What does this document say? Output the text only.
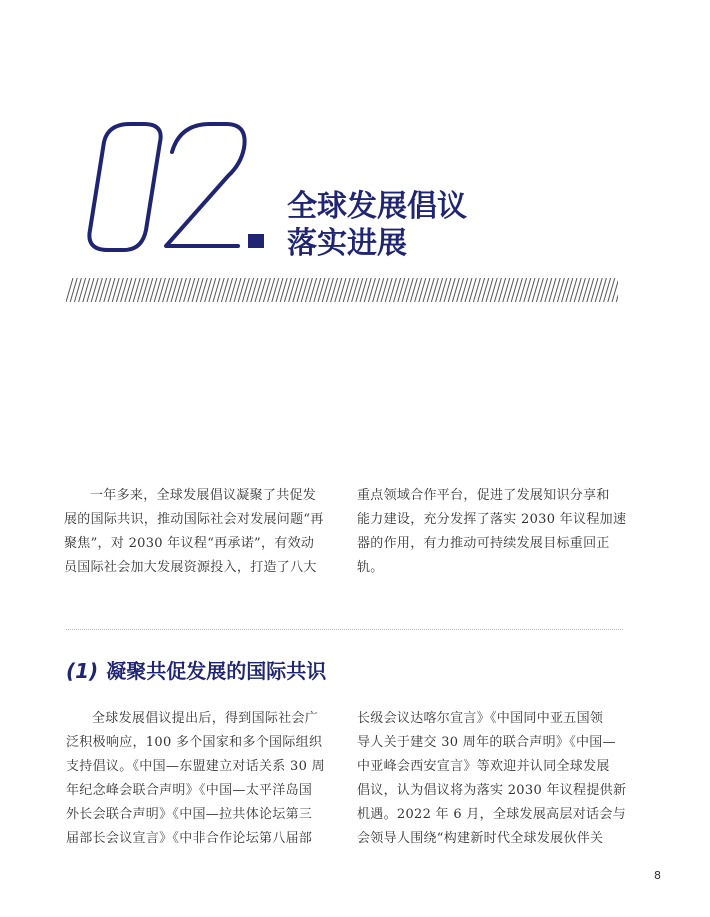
02.
全球发展倡议
落实进展

一年多来，全球发展倡议凝聚了共促发
展的国际共识，推动国际社会对发展问题“再
聚焦”，对 2030 年议程“再承诺”，有效动
员国际社会加大发展资源投入，打造了八大

重点领域合作平台，促进了发展知识分享和
能力建设，充分发挥了落实 2030 年议程加速
器的作用，有力推动可持续发展目标重回正
轨。

(1) 凝聚共促发展的国际共识

全球发展倡议提出后，得到国际社会广
泛积极响应，100 多个国家和多个国际组织
支持倡议。《中国—东盟建立对话关系 30 周
年纪念峰会联合声明》《中国—太平洋岛国
外长会联合声明》《中国—拉共体论坛第三
届部长会议宣言》《中非合作论坛第八届部

长级会议达喀尔宣言》《中国同中亚五国领
导人关于建交 30 周年的联合声明》《中国—
中亚峰会西安宣言》等欢迎并认同全球发展
倡议，认为倡议将为落实 2030 年议程提供新
机遇。2022 年 6 月，全球发展高层对话会与
会领导人围绕“构建新时代全球发展伙伴关

8
